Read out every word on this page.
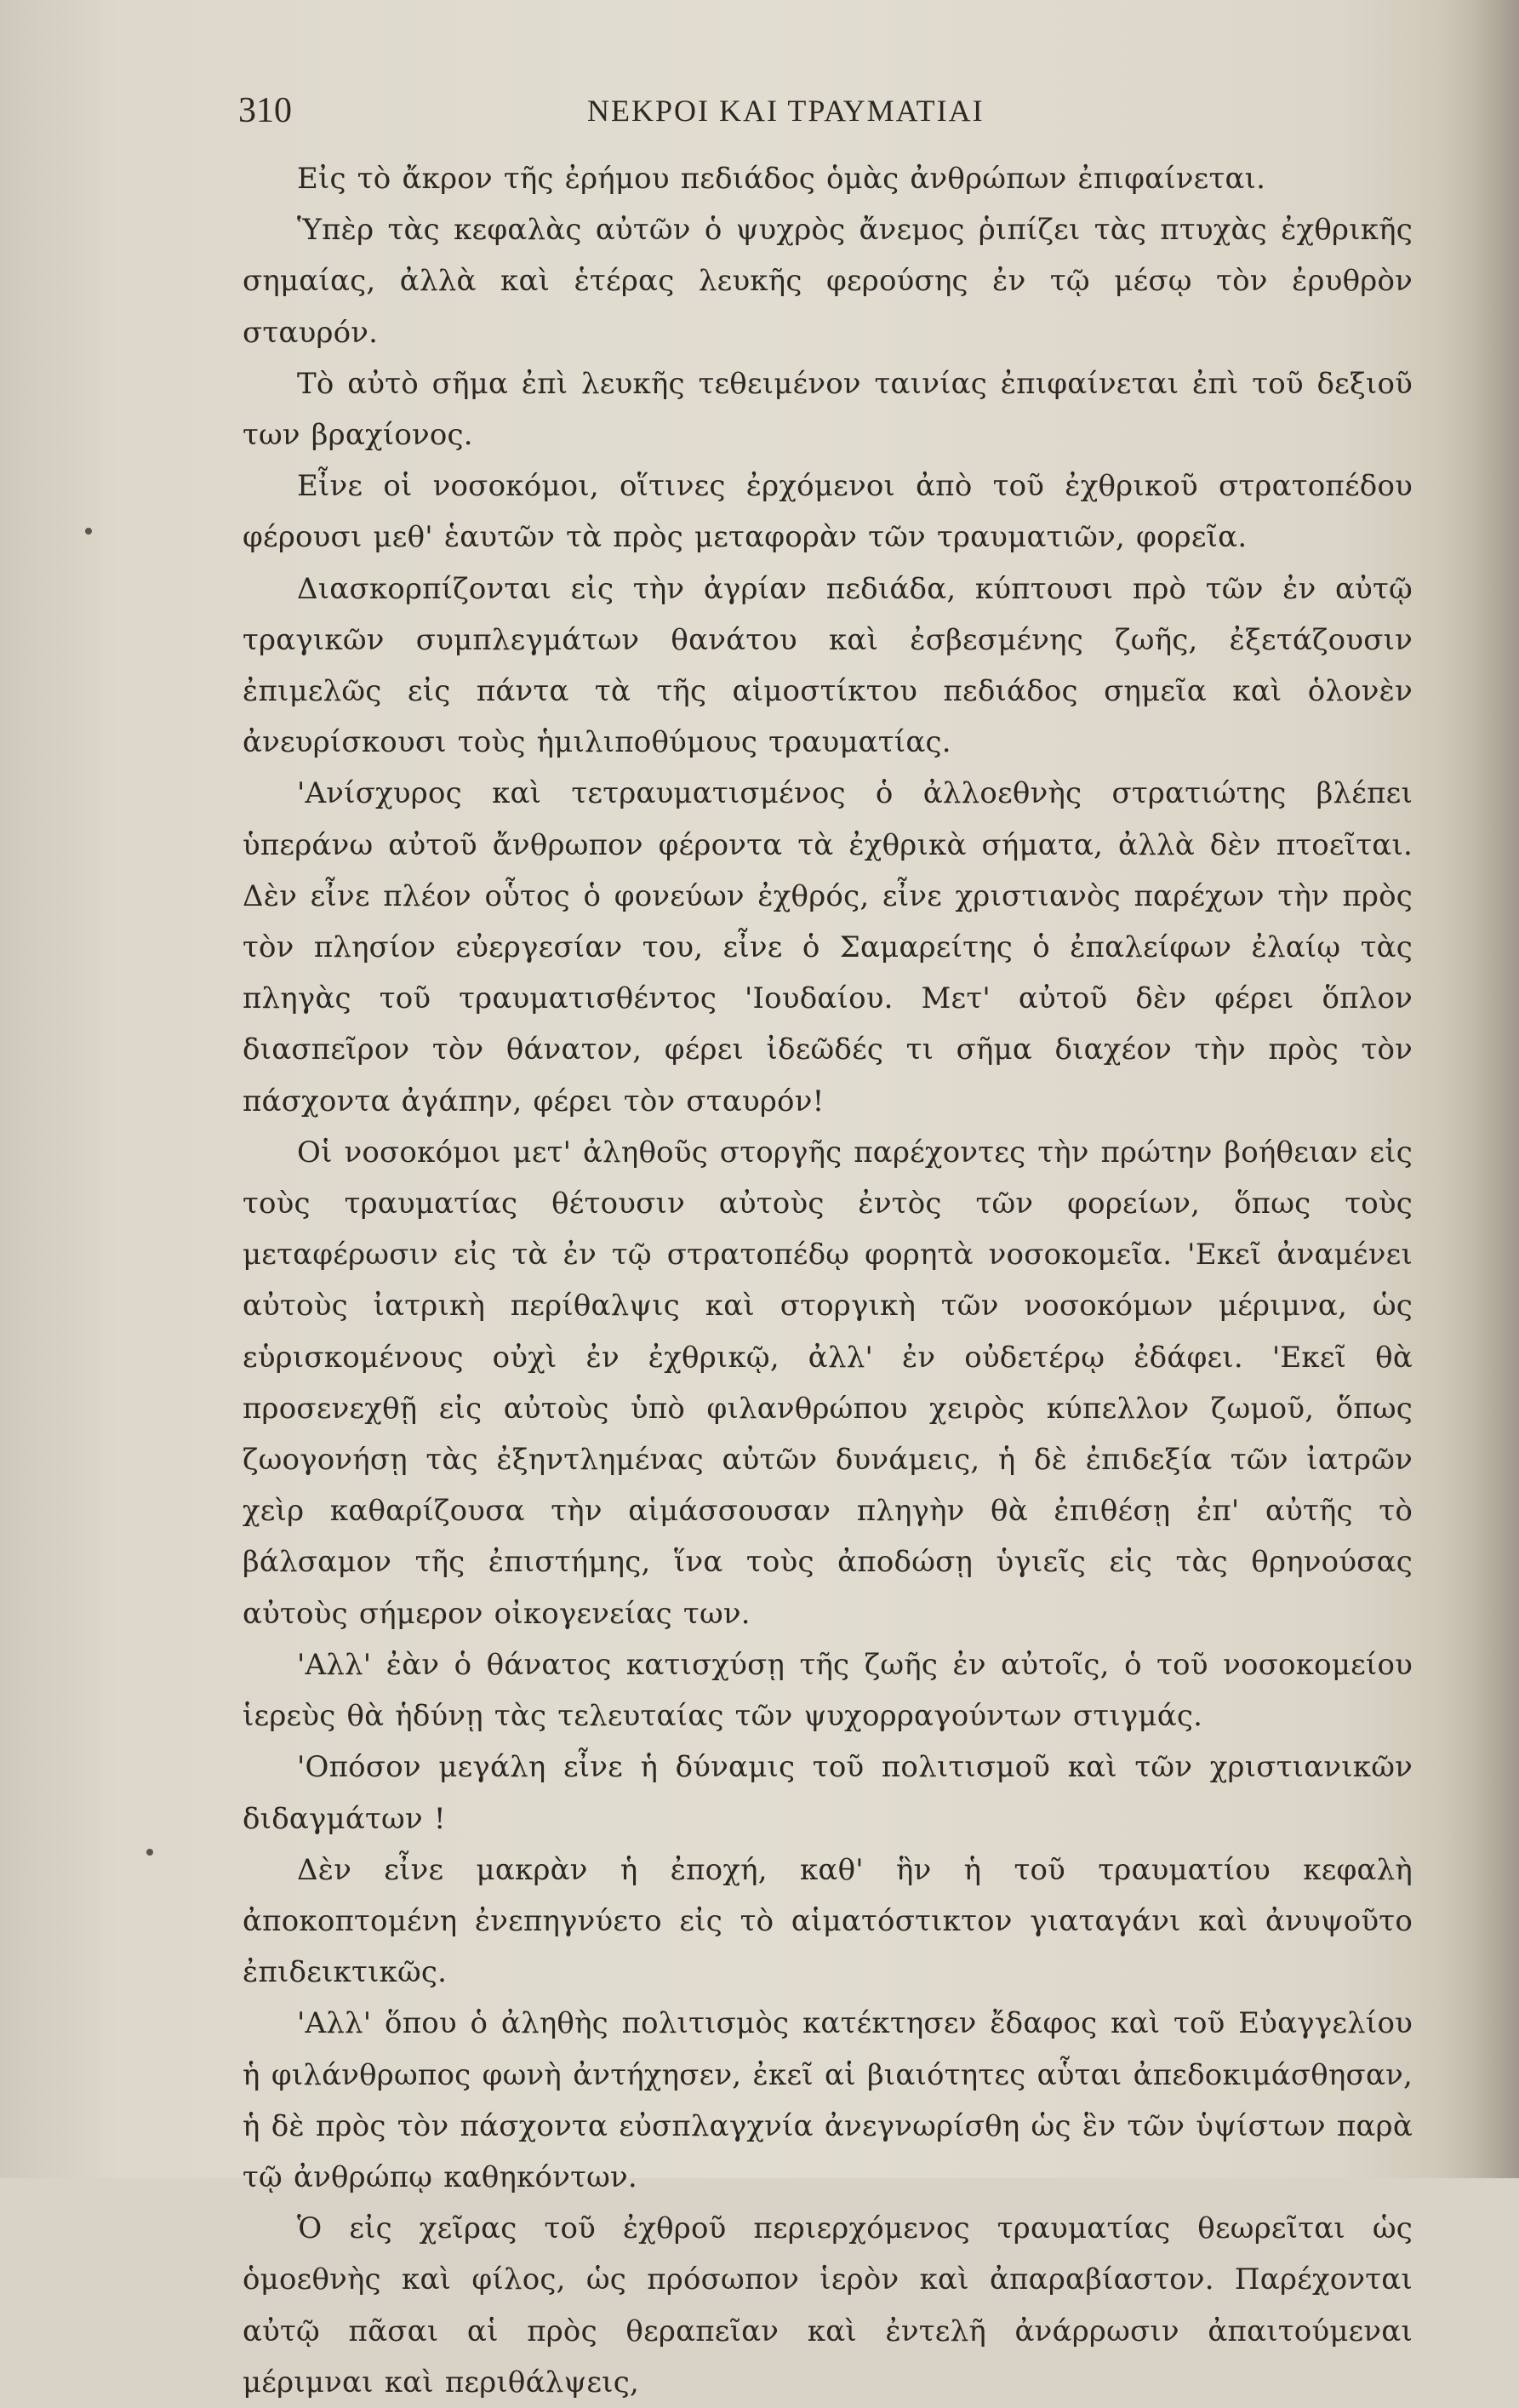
310	ΝΕΚΡΟΙ ΚΑΙ ΤΡΑΥΜΑΤΙΑΙ

Εἰς τὸ ἄκρον τῆς ἐρήμου πεδιάδος ὁμὰς ἀνθρώπων ἐπιφαίνεται.

Ὑπὲρ τὰς κεφαλὰς αὐτῶν ὁ ψυχρὸς ἄνεμος ῥιπίζει τὰς πτυχὰς ἐχθρικῆς σημαίας, ἀλλὰ καὶ ἑτέρας λευκῆς φερούσης ἐν τῷ μέσῳ τὸν ἐρυθρὸν σταυρόν.

Τὸ αὐτὸ σῆμα ἐπὶ λευκῆς τεθειμένον ταινίας ἐπιφαίνεται ἐπὶ τοῦ δεξιοῦ των βραχίονος.

Εἶνε οἱ νοσοκόμοι, οἵτινες ἐρχόμενοι ἀπὸ τοῦ ἐχθρικοῦ στρατοπέδου φέρουσι μεθ' ἑαυτῶν τὰ πρὸς μεταφορὰν τῶν τραυματιῶν, φορεῖα.

Διασκορπίζονται εἰς τὴν ἀγρίαν πεδιάδα, κύπτουσι πρὸ τῶν ἐν αὐτῷ τραγικῶν συμπλεγμάτων θανάτου καὶ ἐσβεσμένης ζωῆς, ἐξετάζουσιν ἐπιμελῶς εἰς πάντα τὰ τῆς αἱμοστίκτου πεδιάδος σημεῖα καὶ ὁλονὲν ἀνευρίσκουσι τοὺς ἡμιλιποθύμους τραυματίας.

'Ανίσχυρος καὶ τετραυματισμένος ὁ ἀλλοεθνὴς στρατιώτης βλέπει ὑπεράνω αὐτοῦ ἄνθρωπον φέροντα τὰ ἐχθρικὰ σήματα, ἀλλὰ δὲν πτοεῖται. Δὲν εἶνε πλέον οὗτος ὁ φονεύων ἐχθρός, εἶνε χριστιανὸς παρέχων τὴν πρὸς τὸν πλησίον εὐεργεσίαν του, εἶνε ὁ Σαμαρείτης ὁ ἐπαλείφων ἐλαίῳ τὰς πληγὰς τοῦ τραυματισθέντος 'Ιουδαίου. Μετ' αὐτοῦ δὲν φέρει ὅπλον διασπεῖρον τὸν θάνατον, φέρει ἰδεῶδές τι σῆμα διαχέον τὴν πρὸς τὸν πάσχοντα ἀγάπην, φέρει τὸν σταυρόν!

Οἱ νοσοκόμοι μετ' ἀληθοῦς στοργῆς παρέχοντες τὴν πρώτην βοήθειαν εἰς τοὺς τραυματίας θέτουσιν αὐτοὺς ἐντὸς τῶν φορείων, ὅπως τοὺς μεταφέρωσιν εἰς τὰ ἐν τῷ στρατοπέδῳ φορητὰ νοσοκομεῖα. 'Εκεῖ ἀναμένει αὐτοὺς ἰατρικὴ περίθαλψις καὶ στοργικὴ τῶν νοσοκόμων μέριμνα, ὡς εὑρισκομένους οὐχὶ ἐν ἐχθρικῷ, ἀλλ' ἐν οὐδετέρῳ ἐδάφει. 'Εκεῖ θὰ προσενεχθῇ εἰς αὐτοὺς ὑπὸ φιλανθρώπου χειρὸς κύπελλον ζωμοῦ, ὅπως ζωογονήσῃ τὰς ἐξηντλημένας αὐτῶν δυνάμεις, ἡ δὲ ἐπιδεξία τῶν ἰατρῶν χεὶρ καθαρίζουσα τὴν αἱμάσσουσαν πληγὴν θὰ ἐπιθέσῃ ἐπ' αὐτῆς τὸ βάλσαμον τῆς ἐπιστήμης, ἵνα τοὺς ἀποδώσῃ ὑγιεῖς εἰς τὰς θρηνούσας αὐτοὺς σήμερον οἰκογενείας των.

'Αλλ' ἐὰν ὁ θάνατος κατισχύσῃ τῆς ζωῆς ἐν αὐτοῖς, ὁ τοῦ νοσοκομείου ἱερεὺς θὰ ἡδύνῃ τὰς τελευταίας τῶν ψυχορραγούντων στιγμάς.

'Οπόσον μεγάλη εἶνε ἡ δύναμις τοῦ πολιτισμοῦ καὶ τῶν χριστιανικῶν διδαγμάτων !

Δὲν εἶνε μακρὰν ἡ ἐποχή, καθ' ἣν ἡ τοῦ τραυματίου κεφαλὴ ἀποκοπτομένη ἐνεπηγνύετο εἰς τὸ αἱματόστικτον γιαταγάνι καὶ ἀνυψοῦτο ἐπιδεικτικῶς.

'Αλλ' ὅπου ὁ ἀληθὴς πολιτισμὸς κατέκτησεν ἔδαφος καὶ τοῦ Εὐαγγελίου ἡ φιλάνθρωπος φωνὴ ἀντήχησεν, ἐκεῖ αἱ βιαιότητες αὗται ἀπεδοκιμάσθησαν, ἡ δὲ πρὸς τὸν πάσχοντα εὐσπλαγχνία ἀνεγνωρίσθη ὡς ἓν τῶν ὑψίστων παρὰ τῷ ἀνθρώπῳ καθηκόντων.

Ὁ εἰς χεῖρας τοῦ ἐχθροῦ περιερχόμενος τραυματίας θεωρεῖται ὡς ὁμοεθνὴς καὶ φίλος, ὡς πρόσωπον ἱερὸν καὶ ἀπαραβίαστον. Παρέχονται αὐτῷ πᾶσαι αἱ πρὸς θεραπεῖαν καὶ ἐντελῆ ἀνάρρωσιν ἀπαιτούμεναι μέριμναι καὶ περιθάλψεις,
